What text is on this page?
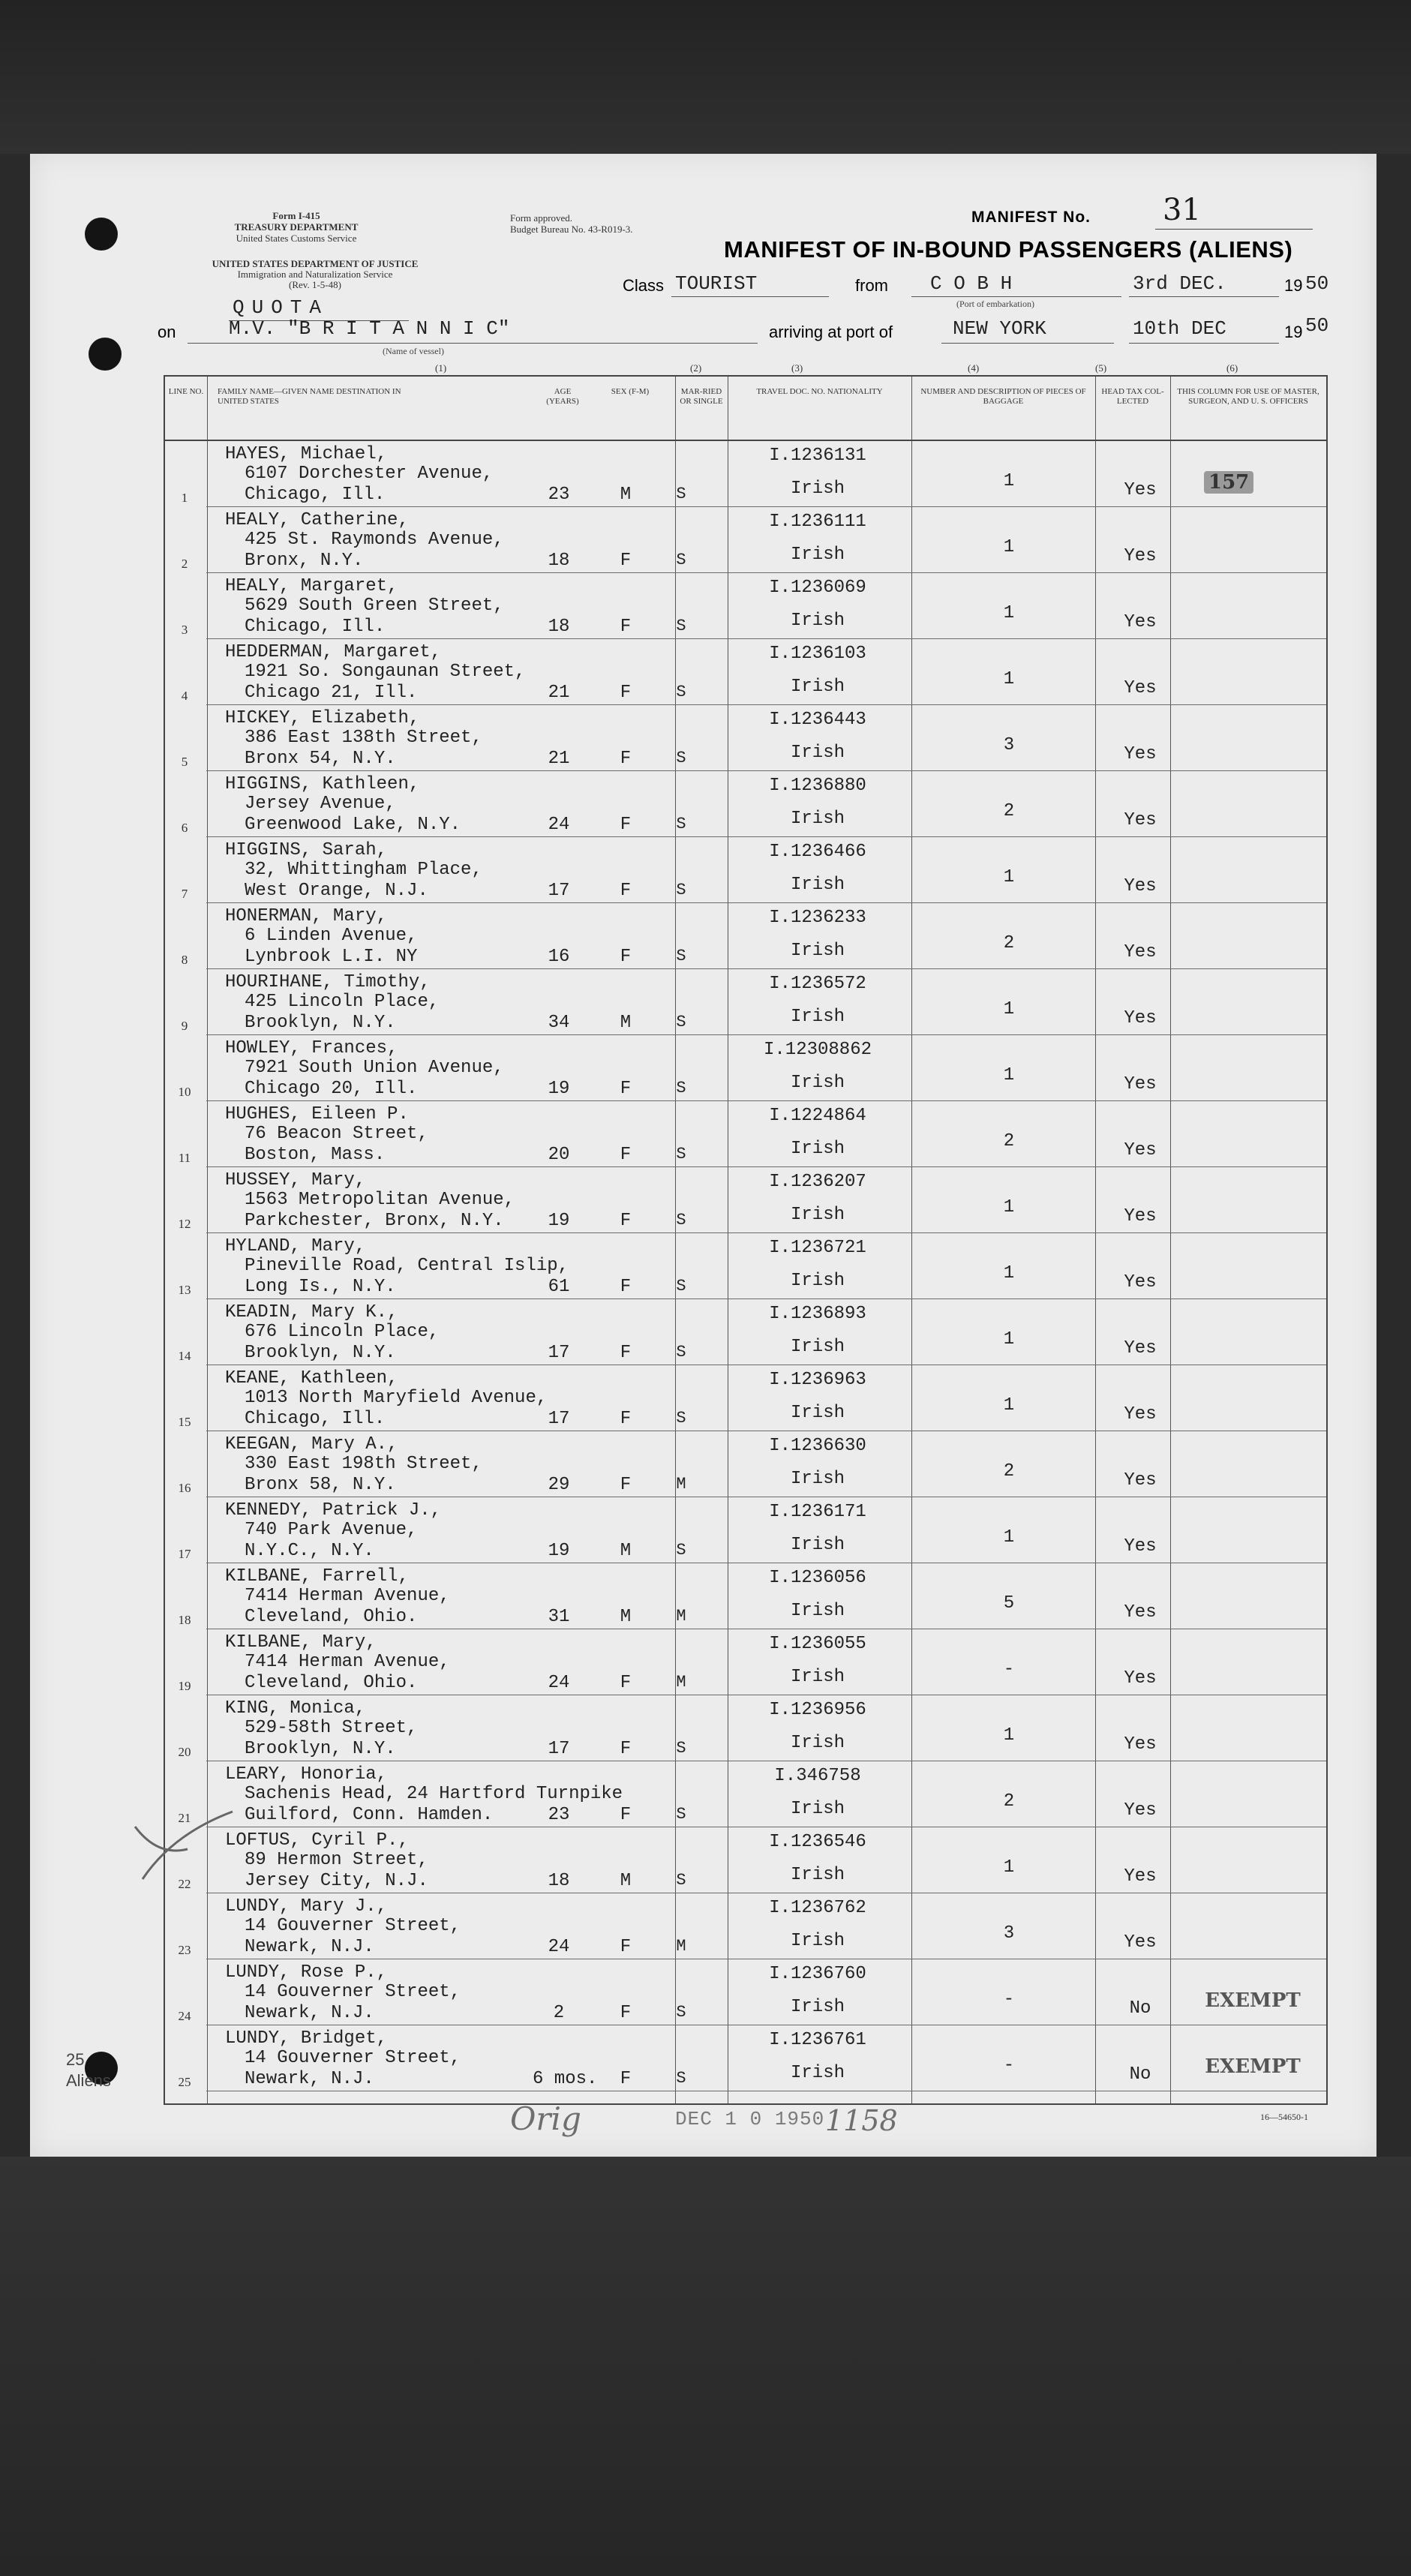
Form I-415
TREASURY DEPARTMENT
United States Customs Service
Form approved.
Budget Bureau No. 43-R019-3.
UNITED STATES DEPARTMENT OF JUSTICE
Immigration and Naturalization Service
(Rev. 1-5-48)
MANIFEST No. 31
MANIFEST OF IN-BOUND PASSENGERS (ALIENS)
Class TOURIST	from C O B H
(Port of embarkation)
3rd DEC.	19 50
QUOTA
on	M.V. "B R I T A N N I C"
(Name of vessel)
arriving at port of	NEW YORK	10th DEC	19 50
(1)	(2)	(3)	(4)	(5)	(6)
LINE NO.	FAMILY NAME—GIVEN NAME DESTINATION IN UNITED STATES
AGE (YEARS)
SEX (F-M)	MAR-RIED OR SINGLE
TRAVEL DOC. NO. NATIONALITY	NUMBER AND DESCRIPTION OF PIECES OF BAGGAGE
HEAD TAX COL-LECTED
THIS COLUMN FOR USE OF MASTER, SURGEON, AND U. S. OFFICERS
1
HAYES, Michael,
6107 Dorchester Avenue,
Chicago, Ill.	23	M	S
I.1236131
Irish	1	Yes	157
2
HEALY, Catherine,
425 St. Raymonds Avenue,
Bronx, N.Y.	18	F	S
I.1236111
Irish	1	Yes
3
HEALY, Margaret,
5629 South Green Street,
Chicago, Ill.	18	F	S
I.1236069
Irish	1	Yes
4
HEDDERMAN, Margaret,
1921 So. Songaunan Street,
Chicago 21, Ill.	21	F	S
I.1236103
Irish	1	Yes
5
HICKEY, Elizabeth,
386 East 138th Street,
Bronx 54, N.Y.	21	F	S
I.1236443
Irish	3	Yes
6
HIGGINS, Kathleen,
Jersey Avenue,
Greenwood Lake, N.Y.	24	F	S
I.1236880
Irish	2	Yes
7
HIGGINS, Sarah,
32, Whittingham Place,
West Orange, N.J.	17	F	S
I.1236466
Irish	1	Yes
8
HONERMAN, Mary,
6 Linden Avenue,
Lynbrook L.I. NY	16	F	S
I.1236233
Irish	2	Yes
9
HOURIHANE, Timothy,
425 Lincoln Place,
Brooklyn, N.Y.	34	M	S
I.1236572
Irish	1	Yes
10
HOWLEY, Frances,
7921 South Union Avenue,
Chicago 20, Ill.	19	F	S
I.12308862
Irish	1	Yes
11
HUGHES, Eileen P.
76 Beacon Street,
Boston, Mass.	20	F	S
I.1224864
Irish	2	Yes
12
HUSSEY, Mary,
1563 Metropolitan Avenue,
Parkchester, Bronx, N.Y.	19	F	S
I.1236207
Irish	1	Yes
13
HYLAND, Mary,
Pineville Road, Central Islip,
Long Is., N.Y.	61	F	S
I.1236721
Irish	1	Yes
14
KEADIN, Mary K.,
676 Lincoln Place,
Brooklyn, N.Y.	17	F	S
I.1236893
Irish	1	Yes
15
KEANE, Kathleen,
1013 North Maryfield Avenue,
Chicago, Ill.	17	F	S
I.1236963
Irish	1	Yes
16
KEEGAN, Mary A.,
330 East 198th Street,
Bronx 58, N.Y.	29	F	M
I.1236630
Irish	2	Yes
17
KENNEDY, Patrick J.,
740 Park Avenue,
N.Y.C., N.Y.	19	M	S
I.1236171
Irish	1	Yes
18
KILBANE, Farrell,
7414 Herman Avenue,
Cleveland, Ohio.	31	M	M
I.1236056
Irish	5	Yes
19
KILBANE, Mary,
7414 Herman Avenue,
Cleveland, Ohio.	24	F	M
I.1236055
Irish	-	Yes
20
KING, Monica,
529-58th Street,
Brooklyn, N.Y.	17	F	S
I.1236956
Irish	1	Yes
21
LEARY, Honoria,
Sachenis Head, 24 Hartford Turnpike
Guilford, Conn. Hamden.	23	F	S
I.346758
Irish	2	Yes
22
LOFTUS, Cyril P.,
89 Hermon Street,
Jersey City, N.J.	18	M	S
I.1236546
Irish	1	Yes
23
LUNDY, Mary J.,
14 Gouverner Street,
Newark, N.J.	24	F	M
I.1236762
Irish	3	Yes
24
LUNDY, Rose P.,
14 Gouverner Street,
Newark, N.J.	2	F	S
I.1236760
Irish	-	No	EXEMPT
25
LUNDY, Bridget,
14 Gouverner Street,
Newark, N.J.	6 mos.	F	S
I.1236761
Irish	-	No	EXEMPT
25
Aliens
DEC 1 0 1950
Orig	1158	16—54650-1
